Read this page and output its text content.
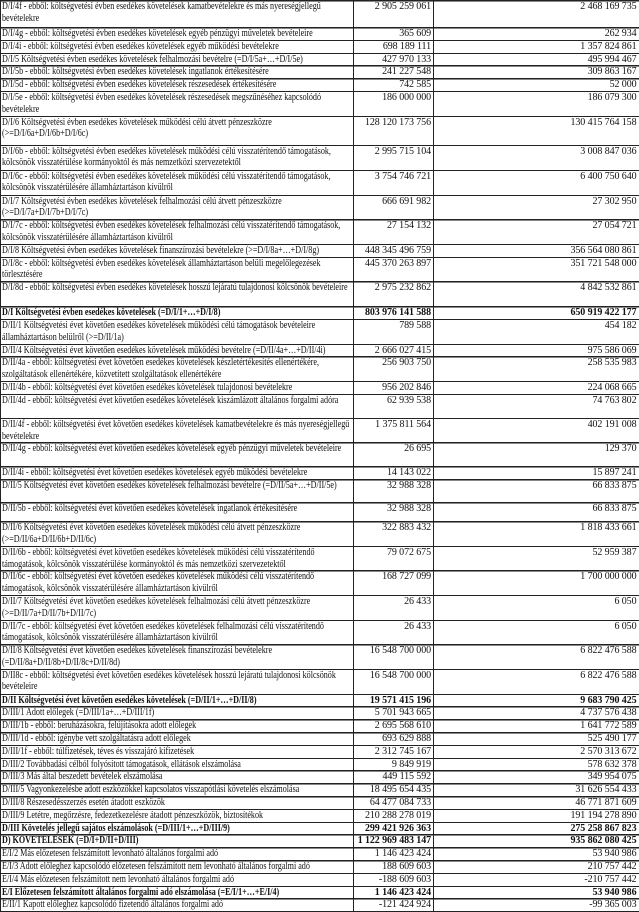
D/I/4f - ebből: költségvetési évben esedékes követelések kamatbevételekre és más nyereségjellegű bevételekre	2 905 259 061	2 468 169 735

D/I/4g - ebből: költségvetési évben esedékes követelések egyéb pénzügyi műveletek bevételeire	365 609	262 934

D/I/4i - ebből: költségvetési évben esedékes követelések egyéb működési bevételekre	698 189 111	1 357 824 861

D/I/5 Költségvetési évben esedékes követelések felhalmozási bevételre (=D/I/5a+…+D/I/5e)	427 970 133	495 994 467

D/I/5b - ebből: költségvetési évben esedékes követelések ingatlanok értékesítésére	241 227 548	309 863 167

D/I/5d - ebből: költségvetési évben esedékes követelések részesedések értékesítésére	742 585	52 000

D/I/5e - ebből: költségvetési évben esedékes követelések részesedések megszűnéséhez kapcsolódó bevételekre	186 000 000	186 079 300

D/I/6 Költségvetési évben esedékes követelések működési célú átvett pénzeszközre (>=D/I/6a+D/I/6b+D/I/6c)	128 120 173 756	130 415 764 158

D/I/6b - ebből: költségvetési évben esedékes követelések működési célú visszatérítendő támogatások, kölcsönök visszatérülése kormányoktól és más nemzetközi szervezetektől	2 995 715 104	3 008 847 036

D/I/6c - ebből: költségvetési évben esedékes követelések működési célú visszatérítendő támogatások, kölcsönök visszatérülésére államháztartáson kívülről	3 754 746 721	6 400 750 640

D/I/7 Költségvetési évben esedékes követelések felhalmozási célú átvett pénzeszközre (>=D/I/7a+D/I/7b+D/I/7c)	666 691 982	27 302 950

D/I/7c - ebből: költségvetési évben esedékes követelések felhalmozási célú visszatérítendő támogatások, kölcsönök visszatérülésére államháztartáson kívülről	27 154 132	27 054 721

D/I/8 Költségvetési évben esedékes követelések finanszírozási bevételekre (>=D/I/8a+…+D/I/8g)	448 345 496 759	356 564 080 861

D/I/8c - ebből: költségvetési évben esedékes követelések államháztartáson belüli megelőlegezések törlesztésére	445 370 263 897	351 721 548 000

D/I/8d - ebből: költségvetési évben esedékes követelések hosszú lejáratú tulajdonosi kölcsönök bevételeire	2 975 232 862	4 842 532 861

D/I Költségvetési évben esedékes követelések (=D/I/1+…+D/I/8)	803 976 141 588	650 919 422 177

D/II/1 Költségvetési évet követően esedékes követelések működési célú támogatások bevételeire államháztartáson belülről (>=D/II/1a)	789 588	454 182

D/II/4 Költségvetési évet követően esedékes követelések működési bevételre (=D/II/4a+…+D/II/4i)	2 666 027 415	975 586 069

D/II/4a - ebből: költségvetési évet követően esedékes követelések készletértékesítés ellenértékére, szolgáltatások ellenértékére, közvetített szolgáltatások ellenértékére	256 903 750	258 535 983

D/II/4b - ebből: költségvetési évet követően esedékes követelések tulajdonosi bevételekre	956 202 846	224 068 665

D/II/4d - ebből: költségvetési évet követően esedékes követelések kiszámlázott általános forgalmi adóra	62 939 538	74 763 802

D/II/4f - ebből: költségvetési évet követően esedékes követelések kamatbevételekre és más nyereségjellegű bevételekre	1 375 811 564	402 191 008

D/II/4g - ebből: költségvetési évet követően esedékes követelések egyéb pénzügyi műveletek bevételeire	26 695	129 370

D/II/4i - ebből: költségvetési évet követően esedékes követelések egyéb működési bevételekre	14 143 022	15 897 241

D/II/5 Költségvetési évet követően esedékes követelések felhalmozási bevételre (=D/II/5a+…+D/II/5e)	32 988 328	66 833 875

D/II/5b - ebből: költségvetési évet követően esedékes követelések ingatlanok értékesítésére	32 988 328	66 833 875

D/II/6 Költségvetési évet követően esedékes követelések működési célú átvett pénzeszközre (>=D/II/6a+D/II/6b+D/II/6c)	322 883 432	1 818 433 661

D/II/6b - ebből: költségvetési évet követően esedékes követelések működési célú visszatérítendő támogatások, kölcsönök visszatérülése kormányoktól és más nemzetközi szervezetektől	79 072 675	52 959 387

D/II/6c - ebből: költségvetési évet követően esedékes követelések működési célú visszatérítendő támogatások, kölcsönök visszatérülésére államháztartáson kívülről	168 727 099	1 700 000 000

D/II/7 Költségvetési évet követően esedékes követelések felhalmozási célú átvett pénzeszközre (>=D/II/7a+D/II/7b+D/II/7c)	26 433	6 050

D/II/7c - ebből: költségvetési évet követően esedékes követelések felhalmozási célú visszatérítendő támogatások, kölcsönök visszatérülésére államháztartáson kívülről	26 433	6 050

D/II/8 Költségvetési évet követően esedékes követelések finanszírozási bevételekre (=D/II/8a+D/II/8b+D/II/8c+D/II/8d)	16 548 700 000	6 822 476 588

D/II8c - ebből: költségvetési évet követően esedékes követelések hosszú lejáratú tulajdonosi kölcsönök bevételeire	16 548 700 000	6 822 476 588

D/II Költségvetési évet követően esedékes követelések (=D/II/1+…+D/II/8)	19 571 415 196	9 683 790 425

D/III/1 Adott előlegek (=D/III/1a+…+D/III/1f)	5 701 943 665	4 737 576 438

D/III/1b - ebből: beruházásokra, felújításokra adott előlegek	2 695 568 610	1 641 772 589

D/III/1d - ebből: igénybe vett szolgáltatásra adott előlegek	693 629 888	525 490 177

D/III/1f - ebből: túlfizetések, téves és visszajáró kifizetések	2 312 745 167	2 570 313 672

D/III/2 Továbbadási célból folyósított támogatások, ellátások elszámolása	9 849 919	578 632 378

D/III/3 Más által beszedett bevételek elszámolása	449 115 592	349 954 075

D/III/5 Vagyonkezelésbe adott eszközökkel kapcsolatos visszapótlási követelés elszámolása	18 495 654 435	31 626 554 433

D/III/8 Részesedésszerzés esetén átadott eszközök	64 477 084 733	46 771 871 609

D/III/9 Letétre, megőrzésre, fedezetkezelésre átadott pénzeszközök, biztosítékok	210 288 278 019	191 194 278 890

D/III Követelés jellegű sajátos elszámolások (=D/III/1+…+D/III/9)	299 421 926 363	275 258 867 823

D) KÖVETELÉSEK (=D/I+D/II+D/III)	1 122 969 483 147	935 862 080 425

E/I/2 Más előzetesen felszámított levonható általános forgalmi adó	1 146 423 424	53 940 986

E/I/3 Adott előleghez kapcsolódó előzetesen felszámított nem levonható általános forgalmi adó	188 609 603	210 757 442

E/I/4 Más előzetesen felszámított nem levonható általános forgalmi adó	-188 609 603	-210 757 442

E/I Előzetesen felszámított általános forgalmi adó elszámolása (=E/I/1+…+E/I/4)	1 146 423 424	53 940 986

E/II/1 Kapott előleghez kapcsolódó fizetendő általános forgalmi adó	-121 424 924	-99 365 003
